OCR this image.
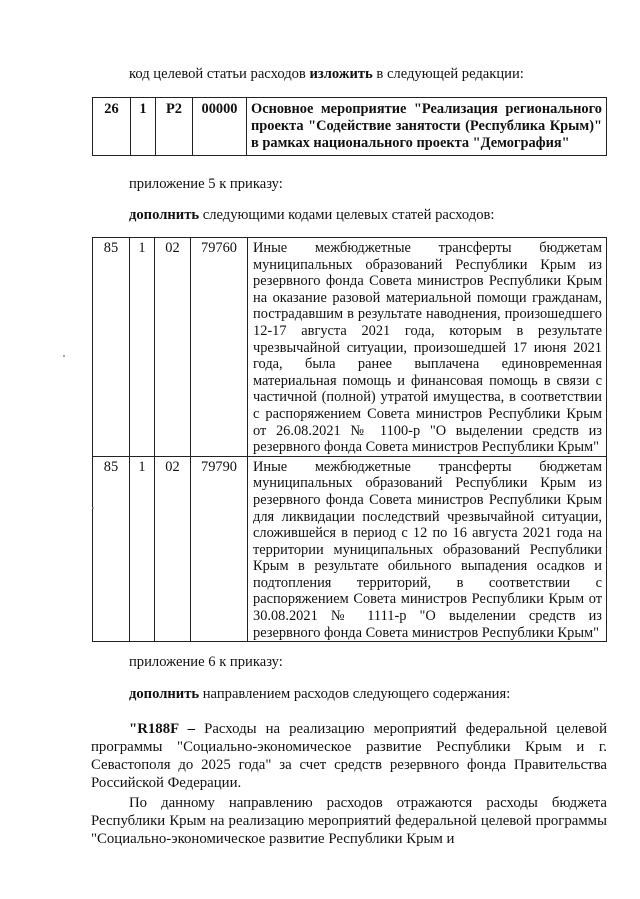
код целевой статьи расходов изложить в следующей редакции:
26	1	Р2	00000	Основное мероприятие "Реализация регионального проекта "Содействие занятости (Республика Крым)" в рамках национального проекта "Демография"
приложение 5 к приказу:
дополнить следующими кодами целевых статей расходов:
85	1	02	79760	Иные межбюджетные трансферты бюджетам муниципальных образований Республики Крым из резервного фонда Совета министров Республики Крым на оказание разовой материальной помощи гражданам, пострадавшим в результате наводнения, произошедшего 12-17 августа 2021 года, которым в результате чрезвычайной ситуации, произошедшей 17 июня 2021 года, была ранее выплачена единовременная материальная помощь и финансовая помощь в связи с частичной (полной) утратой имущества, в соответствии с распоряжением Совета министров Республики Крым от 26.08.2021 № 1100-р "О выделении средств из резервного фонда Совета министров Республики Крым"
85	1	02	79790	Иные межбюджетные трансферты бюджетам муниципальных образований Республики Крым из резервного фонда Совета министров Республики Крым для ликвидации последствий чрезвычайной ситуации, сложившейся в период с 12 по 16 августа 2021 года на территории муниципальных образований Республики Крым в результате обильного выпадения осадков и подтопления территорий, в соответствии с распоряжением Совета министров Республики Крым от 30.08.2021 № 1111-р "О выделении средств из резервного фонда Совета министров Республики Крым"
приложение 6 к приказу:
дополнить направлением расходов следующего содержания:
"R188F – Расходы на реализацию мероприятий федеральной целевой программы "Социально-экономическое развитие Республики Крым и г. Севастополя до 2025 года" за счет средств резервного фонда Правительства Российской Федерации.
По данному направлению расходов отражаются расходы бюджета Республики Крым на реализацию мероприятий федеральной целевой программы "Социально-экономическое развитие Республики Крым и
